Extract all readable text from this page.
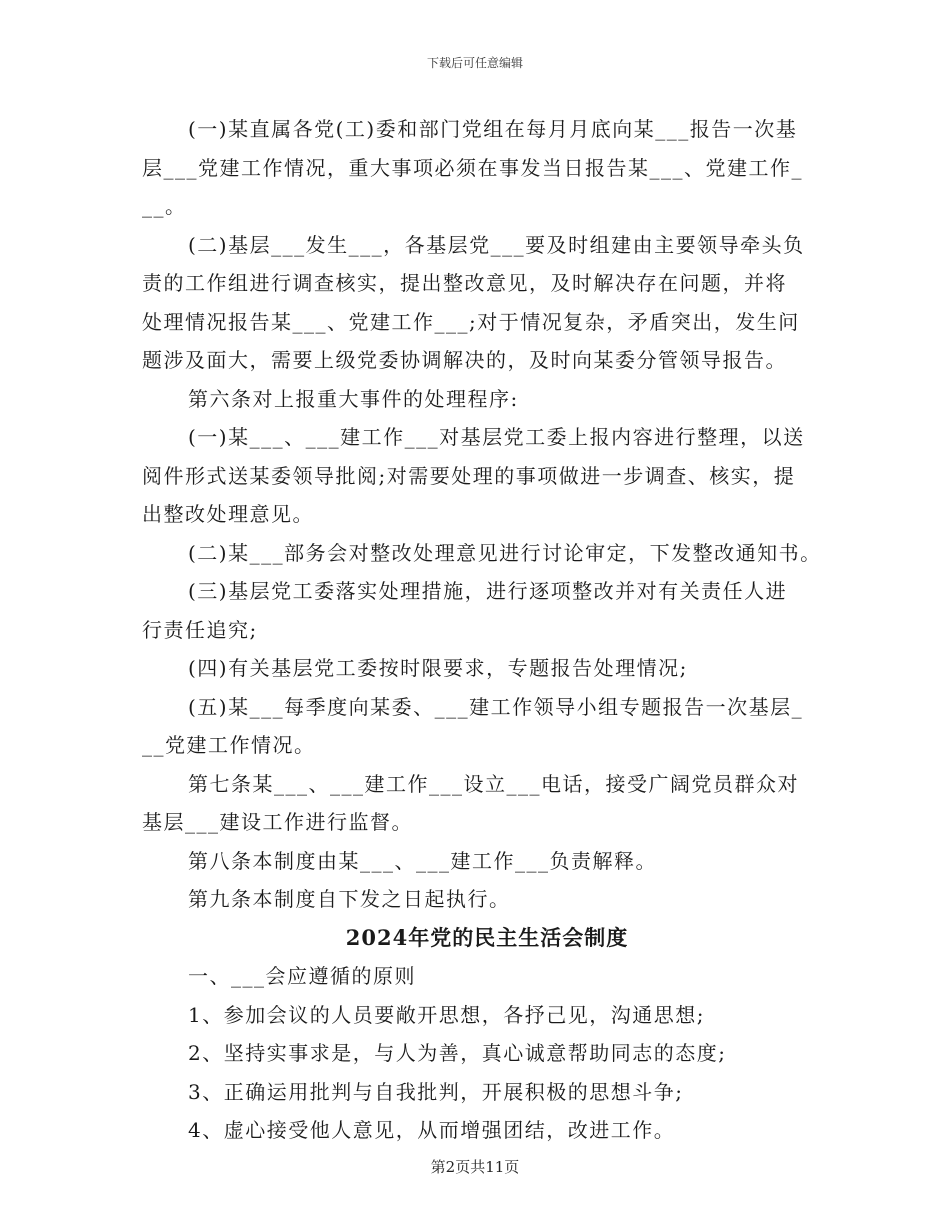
下载后可任意编辑
(一)某直属各党(工)委和部门党组在每月月底向某___报告一次基
层___党建工作情况，重大事项必须在事发当日报告某___、党建工作_
__。
(二)基层___发生___，各基层党___要及时组建由主要领导牵头负
责的工作组进行调查核实，提出整改意见，及时解决存在问题，并将
处理情况报告某___、党建工作___;对于情况复杂，矛盾突出，发生问
题涉及面大，需要上级党委协调解决的，及时向某委分管领导报告。
第六条对上报重大事件的处理程序:
(一)某___、___建工作___对基层党工委上报内容进行整理，以送
阅件形式送某委领导批阅;对需要处理的事项做进一步调查、核实，提
出整改处理意见。
(二)某___部务会对整改处理意见进行讨论审定，下发整改通知书。
(三)基层党工委落实处理措施，进行逐项整改并对有关责任人进
行责任追究;
(四)有关基层党工委按时限要求，专题报告处理情况;
(五)某___每季度向某委、___建工作领导小组专题报告一次基层_
__党建工作情况。
第七条某___、___建工作___设立___电话，接受广阔党员群众对
基层___建设工作进行监督。
第八条本制度由某___、___建工作___负责解释。
第九条本制度自下发之日起执行。
2024年党的民主生活会制度
一、___会应遵循的原则
1、参加会议的人员要敞开思想，各抒己见，沟通思想;
2、坚持实事求是，与人为善，真心诚意帮助同志的态度;
3、正确运用批判与自我批判，开展积极的思想斗争;
4、虚心接受他人意见，从而增强团结，改进工作。
第2页共11页
